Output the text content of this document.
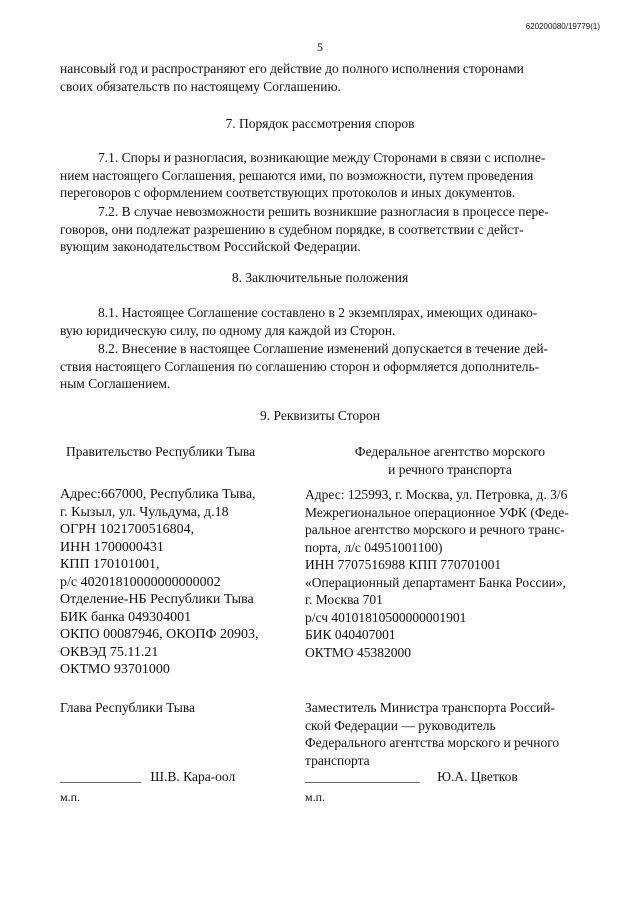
620200080/19779(1)
5
нансовый год и распространяют его действие до полного исполнения сторонами
своих обязательств по настоящему Соглашению.
7. Порядок рассмотрения споров
7.1. Споры и разногласия, возникающие между Сторонами в связи с исполне-
нием настоящего Соглашения, решаются ими, по возможности, путем проведения
переговоров с оформлением соответствующих протоколов и иных документов.
7.2. В случае невозможности решить возникшие разногласия в процессе пере-
говоров, они подлежат разрешению в судебном порядке, в соответствии с дейст-
вующим законодательством Российской Федерации.
8. Заключительные положения
8.1. Настоящее Соглашение составлено в 2 экземплярах, имеющих одинако-
вую юридическую силу, по одному для каждой из Сторон.
8.2. Внесение в настоящее Соглашение изменений допускается в течение дей-
ствия настоящего Соглашения по соглашению сторон и оформляется дополнитель-
ным Соглашением.
9. Реквизиты Сторон
Правительство Республики Тыва
Адрес:667000, Республика Тыва,
г. Кызыл, ул. Чульдума, д.18
ОГРН 1021700516804,
ИНН 1700000431
КПП 170101001,
р/с 40201810000000000002
Отделение-НБ Республики Тыва
БИК банка 049304001
ОКПО 00087946, ОКОПФ 20903,
ОКВЭД 75.11.21
ОКТМО 93701000
Глава Республики Тыва
____________ Ш.В. Кара-оол
м.п.
Федеральное агентство морского
и речного транспорта
Адрес: 125993, г. Москва, ул. Петровка, д. 3/6
Межрегиональное операционное УФК (Феде-
ральное агентство морского и речного транс-
порта, л/с 04951001100)
ИНН 7707516988 КПП 770701001
«Операционный департамент Банка России»,
г. Москва 701
р/сч 40101810500000001901
БИК 040407001
ОКТМО 45382000
Заместитель Министра транспорта Россий-
ской Федерации — руководитель
Федерального агентства морского и речного
транспорта
_________________ Ю.А. Цветков
м.п.
